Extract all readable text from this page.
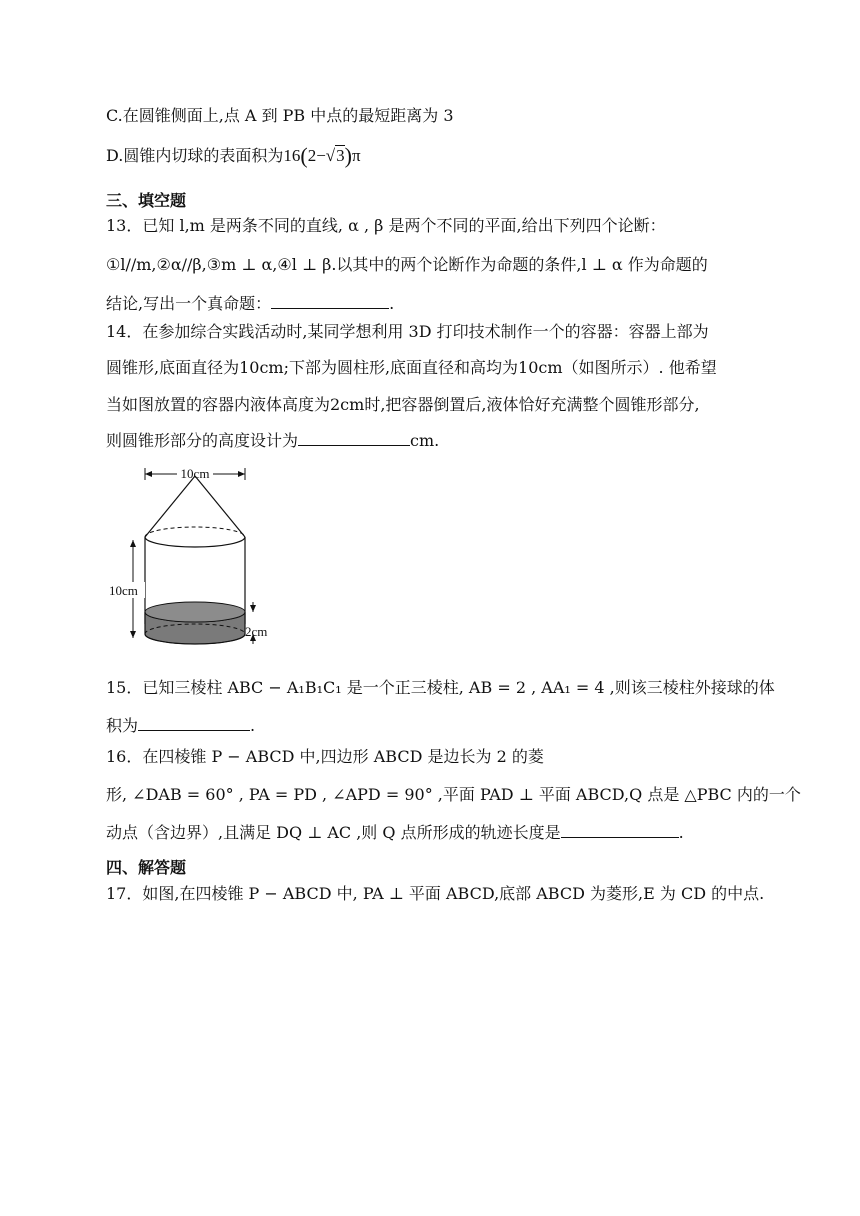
C.在圆锥侧面上,点 A 到 PB 中点的最短距离为 3
D.圆锥内切球的表面积为16(2−√3)π
三、填空题
13．已知 l,m 是两条不同的直线, α , β 是两个不同的平面,给出下列四个论断：
①l//m,②α//β,③m ⊥ α,④l ⊥ β.以其中的两个论断作为命题的条件,l ⊥ α 作为命题的
结论,写出一个真命题：	.
14．在参加综合实践活动时,某同学想利用 3D 打印技术制作一个的容器：容器上部为
圆锥形,底面直径为10cm;下部为圆柱形,底面直径和高均为10cm（如图所示）. 他希望
当如图放置的容器内液体高度为2cm时,把容器倒置后,液体恰好充满整个圆锥形部分,
则圆锥形部分的高度设计为	cm.
10cm
10cm
2cm
15．已知三棱柱 ABC − A₁B₁C₁ 是一个正三棱柱, AB = 2 , AA₁ = 4 ,则该三棱柱外接球的体
积为	.
16．在四棱锥 P − ABCD 中,四边形 ABCD 是边长为 2 的菱
形, ∠DAB = 60° , PA = PD , ∠APD = 90° ,平面 PAD ⊥ 平面 ABCD,Q 点是 △PBC 内的一个
动点（含边界）,且满足 DQ ⊥ AC ,则 Q 点所形成的轨迹长度是	.
四、解答题
17．如图,在四棱锥 P − ABCD 中, PA ⊥ 平面 ABCD,底部 ABCD 为菱形,E 为 CD 的中点.
